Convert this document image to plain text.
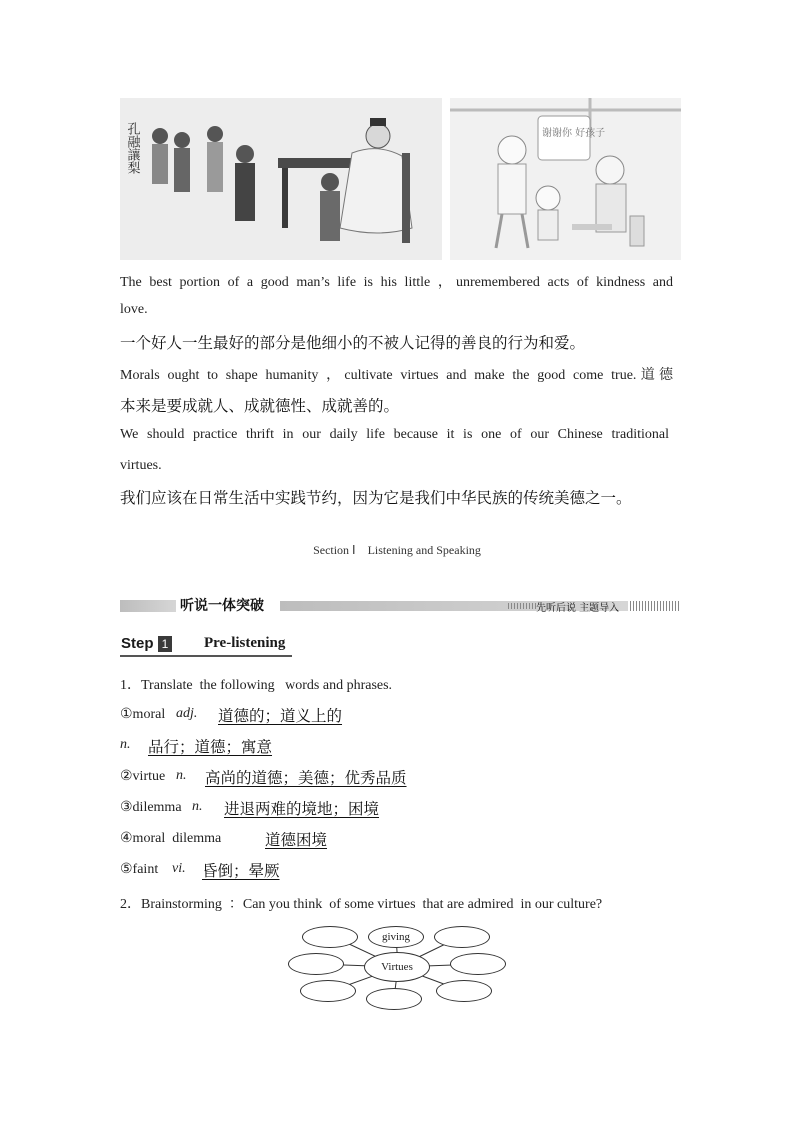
孔融讓梨	谢谢你 好孩子
The best portion of a good man’s life is his little ，unremembered acts of kindness and
love.
一个好人一生最好的部分是他细小的不被人记得的善良的行为和爱。
Morals ought to shape humanity ，cultivate virtues and make the good come true.道德
本来是要成就人、成就德性、成就善的。
We should practice thrift in our daily life because it is one of our Chinese traditional
virtues.
我们应该在日常生活中实践节约，因为它是我们中华民族的传统美德之一。
Section Ⅰ　Listening and Speaking
听说一体突破	先听后说 主题导入
Step 1 Pre-listening
1．Translate  the following   words and phrases.
①moral adj. 道德的；道义上的
n. 品行；道德；寓意
②virtue n. 高尚的道德；美德；优秀品质
③dilemma n. 进退两难的境地；困境
④moral  dilemma	道德困境
⑤faint vi. 昏倒；晕厥
2．Brainstorming  ：Can you think  of some virtues  that are admired  in our culture?
giving
Virtues
